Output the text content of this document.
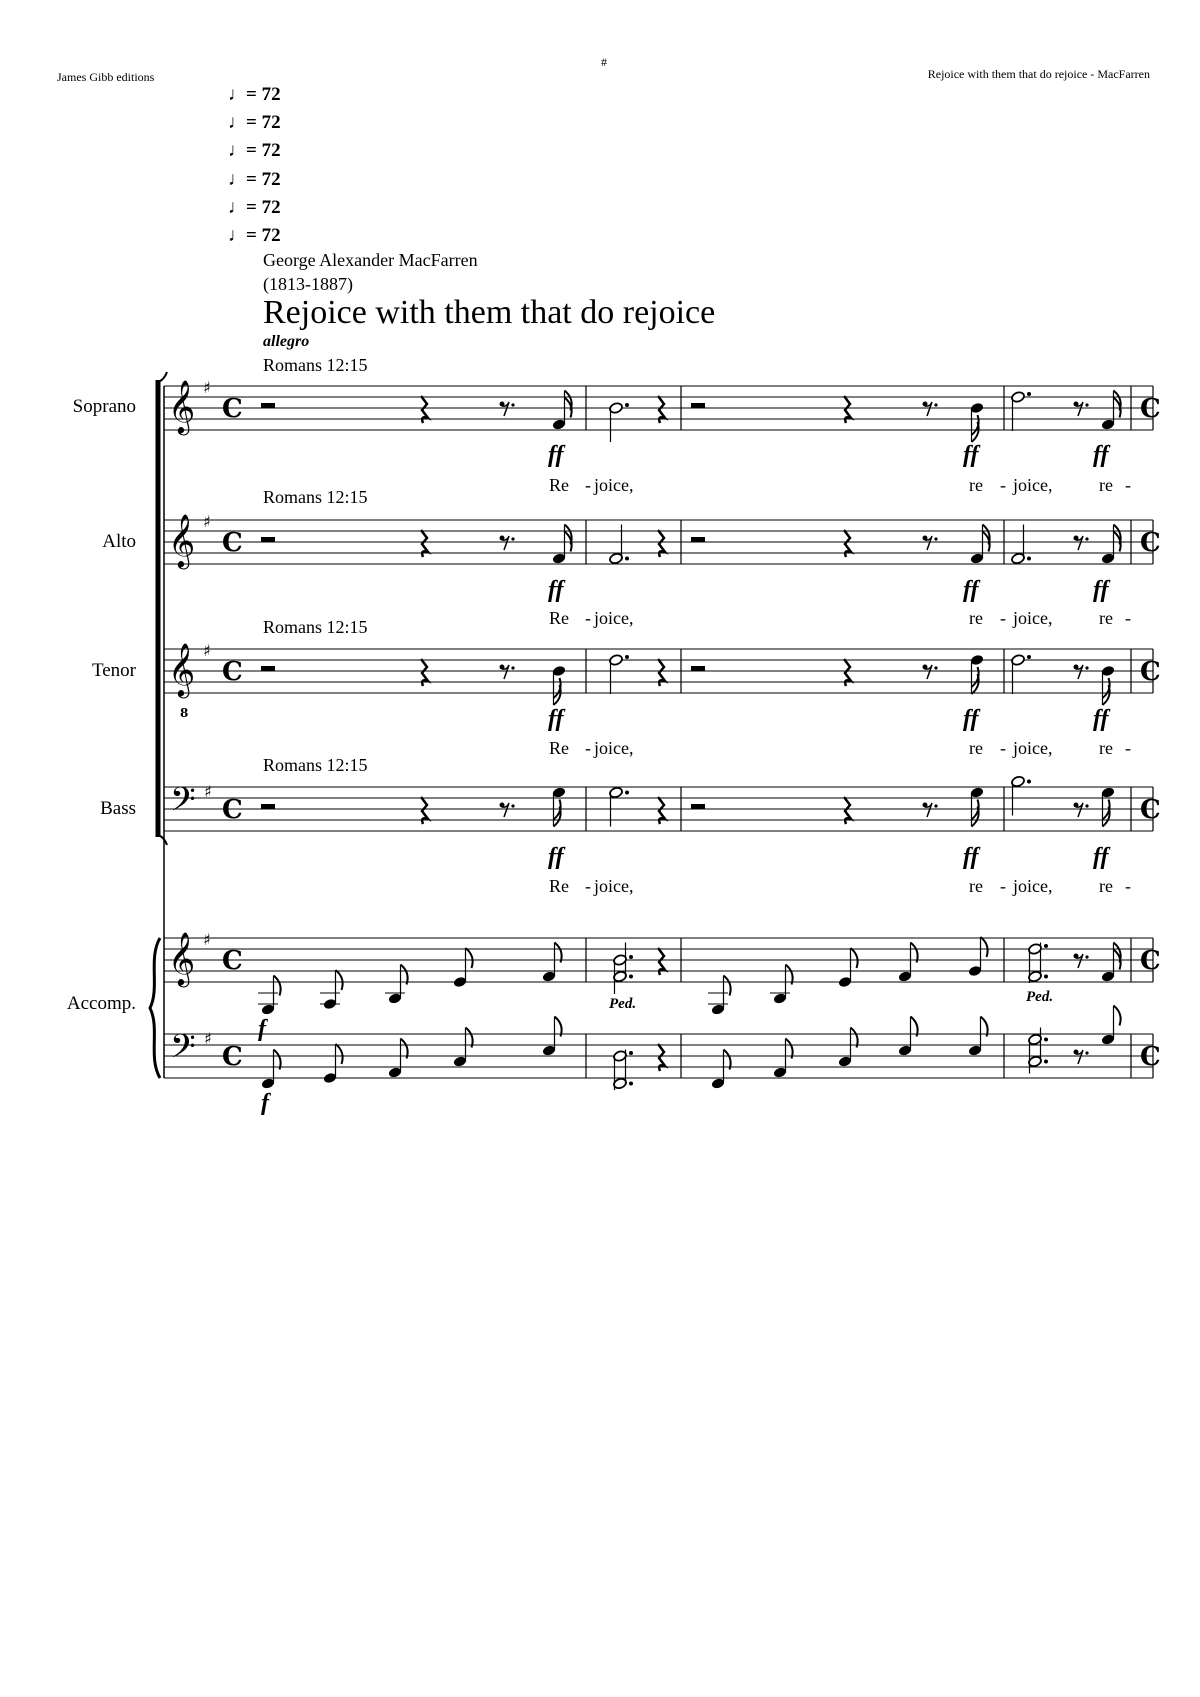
James Gibb editions
#
Rejoice with them that do rejoice - MacFarren
♩= 72
♩= 72
♩= 72
♩= 72
♩= 72
♩= 72
George Alexander MacFarren
(1813-1887)
Rejoice with them that do rejoice
allegro
Romans 12:15
Romans 12:15
Romans 12:15
Romans 12:15
Soprano
Alto
Tenor
Bass
Accomp.
𝄞 ♯
C	C
𝄞 ♯
C	C
𝄞 ♯
8
C	C
𝄢 ♯
C	C
𝄞 ♯
C	C
𝄢 ♯
C	C
Re - joice,	re - joice,	re -
Re - joice,	re - joice,	re -
Re - joice,	re - joice,	re -
Re - joice,	re - joice,	re -
ff	ff	ff
ff	ff	ff
ff	ff	ff
ff	ff	ff
f
f
Ped.	Ped.
